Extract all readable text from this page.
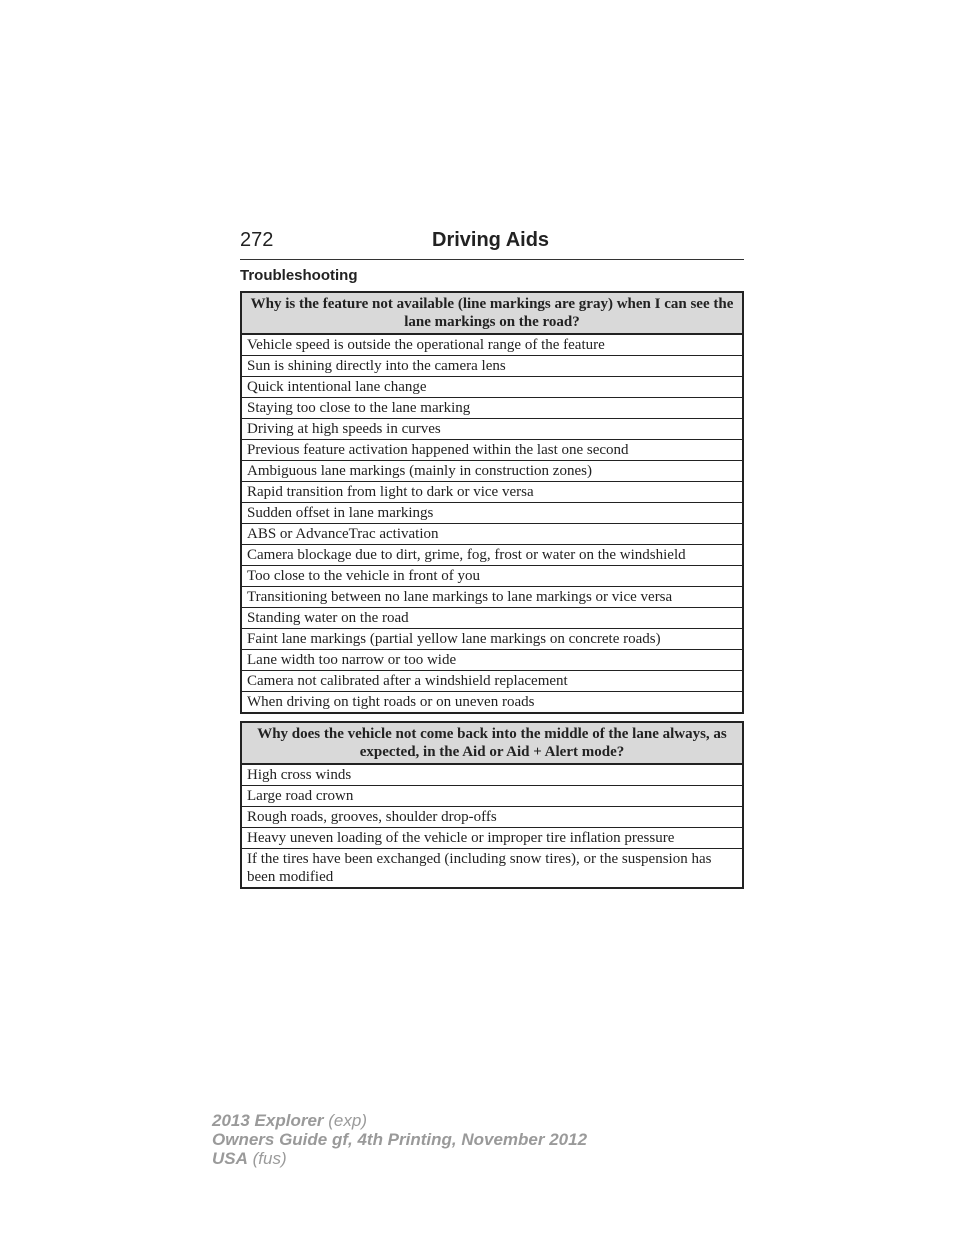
272	Driving Aids
Troubleshooting
Why is the feature not available (line markings are gray) when I can see the lane markings on the road?
Vehicle speed is outside the operational range of the feature
Sun is shining directly into the camera lens
Quick intentional lane change
Staying too close to the lane marking
Driving at high speeds in curves
Previous feature activation happened within the last one second
Ambiguous lane markings (mainly in construction zones)
Rapid transition from light to dark or vice versa
Sudden offset in lane markings
ABS or AdvanceTrac activation
Camera blockage due to dirt, grime, fog, frost or water on the windshield
Too close to the vehicle in front of you
Transitioning between no lane markings to lane markings or vice versa
Standing water on the road
Faint lane markings (partial yellow lane markings on concrete roads)
Lane width too narrow or too wide
Camera not calibrated after a windshield replacement
When driving on tight roads or on uneven roads
Why does the vehicle not come back into the middle of the lane always, as expected, in the Aid or Aid + Alert mode?
High cross winds
Large road crown
Rough roads, grooves, shoulder drop-offs
Heavy uneven loading of the vehicle or improper tire inflation pressure
If the tires have been exchanged (including snow tires), or the suspension has been modified
2013 Explorer (exp)
Owners Guide gf, 4th Printing, November 2012
USA (fus)
